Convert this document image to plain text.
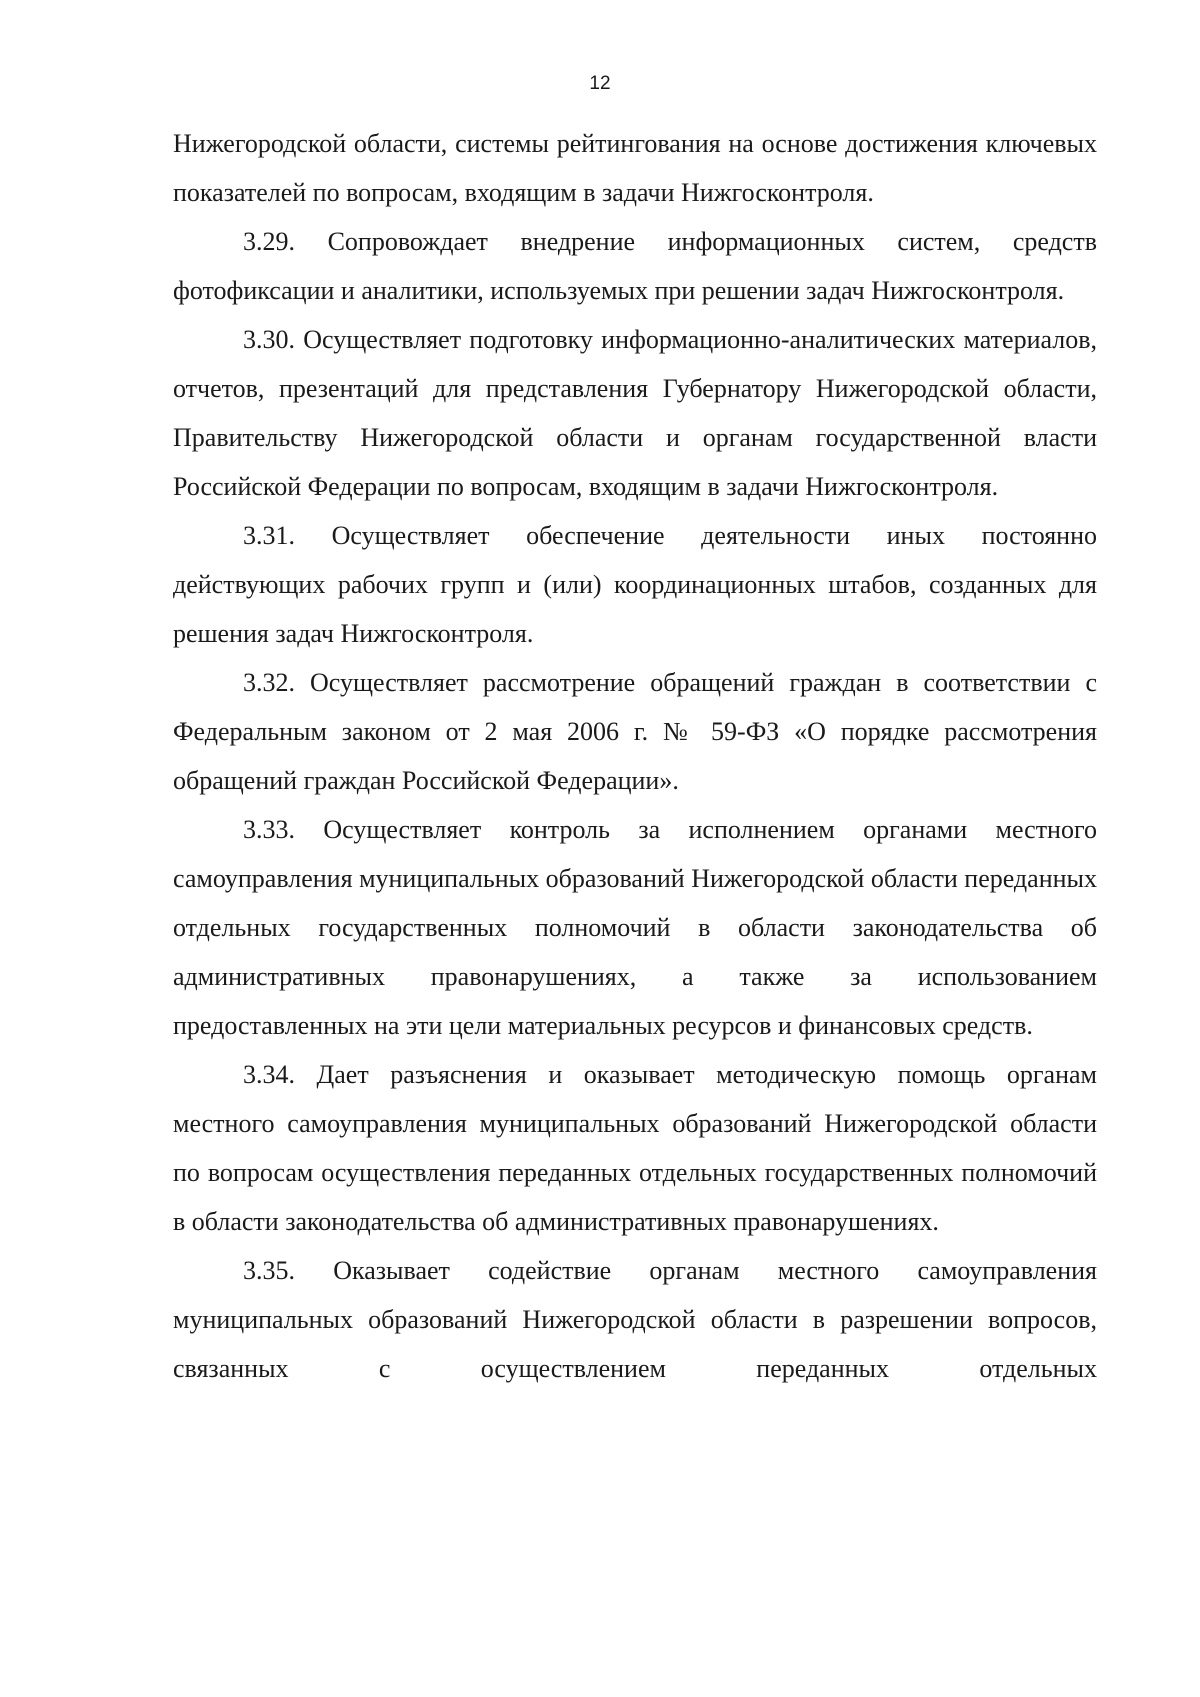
12

Нижегородской области, системы рейтингования на основе достижения ключевых показателей по вопросам, входящим в задачи Нижгосконтроля.

3.29. Сопровождает внедрение информационных систем, средств фотофиксации и аналитики, используемых при решении задач Нижгосконтроля.

3.30. Осуществляет подготовку информационно-аналитических материалов, отчетов, презентаций для представления Губернатору Нижегородской области, Правительству Нижегородской области и органам государственной власти Российской Федерации по вопросам, входящим в задачи Нижгосконтроля.

3.31. Осуществляет обеспечение деятельности иных постоянно действующих рабочих групп и (или) координационных штабов, созданных для решения задач Нижгосконтроля.

3.32. Осуществляет рассмотрение обращений граждан в соответствии с Федеральным законом от 2 мая 2006 г. № 59-ФЗ «О порядке рассмотрения обращений граждан Российской Федерации».

3.33. Осуществляет контроль за исполнением органами местного самоуправления муниципальных образований Нижегородской области переданных отдельных государственных полномочий в области законодательства об административных правонарушениях, а также за использованием предоставленных на эти цели материальных ресурсов и финансовых средств.

3.34. Дает разъяснения и оказывает методическую помощь органам местного самоуправления муниципальных образований Нижегородской области по вопросам осуществления переданных отдельных государственных полномочий в области законодательства об административных правонарушениях.

3.35. Оказывает содействие органам местного самоуправления муниципальных образований Нижегородской области в разрешении вопросов, связанных с осуществлением переданных отдельных
